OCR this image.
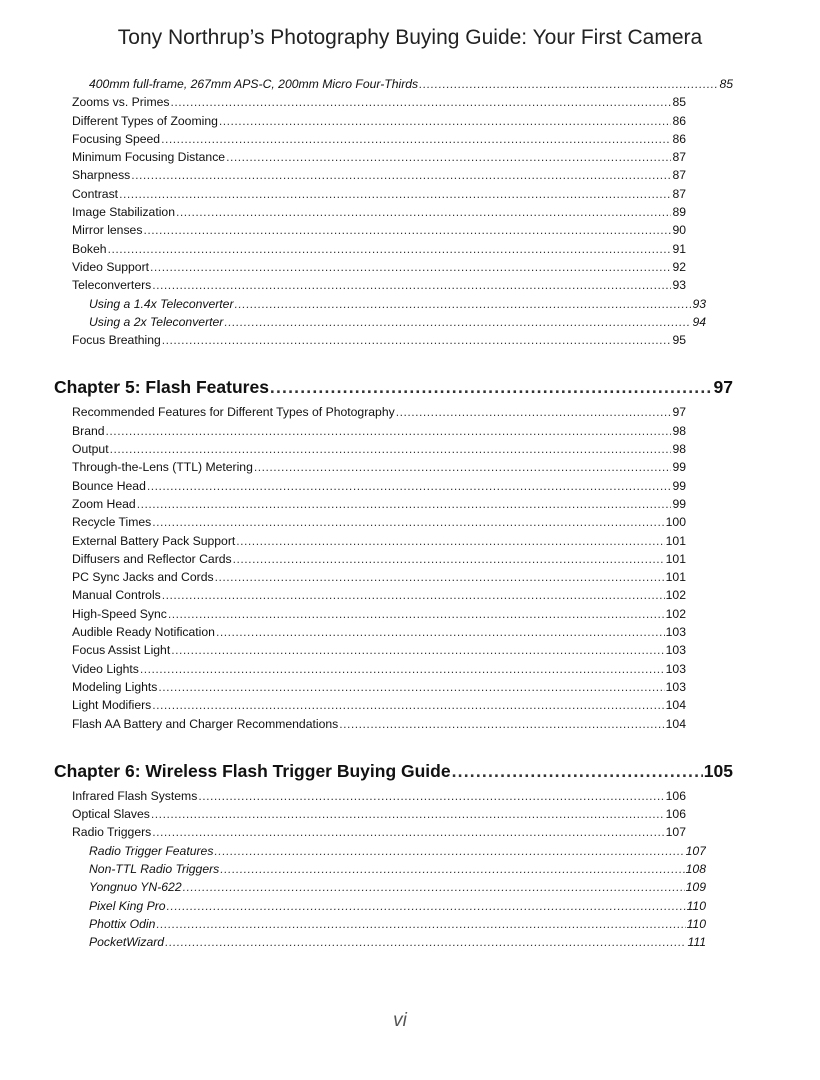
Tony Northrup’s Photography Buying Guide: Your First Camera
400mm full-frame, 267mm APS-C, 200mm Micro Four-Thirds .....	85
Zooms vs. Primes .....	85
Different Types of Zooming .....	86
Focusing Speed .....	86
Minimum Focusing Distance .....	87
Sharpness .....	87
Contrast .....	87
Image Stabilization .....	89
Mirror lenses .....	90
Bokeh .....	91
Video Support .....	92
Teleconverters .....	93
Using a 1.4x Teleconverter .....	93
Using a 2x Teleconverter .....	94
Focus Breathing .....	95
Chapter 5: Flash Features .....	97
Recommended Features for Different Types of Photography .....	97
Brand .....	98
Output .....	98
Through-the-Lens (TTL) Metering .....	99
Bounce Head .....	99
Zoom Head .....	99
Recycle Times .....	100
External Battery Pack Support .....	101
Diffusers and Reflector Cards .....	101
PC Sync Jacks and Cords .....	101
Manual Controls .....	102
High-Speed Sync .....	102
Audible Ready Notification .....	103
Focus Assist Light .....	103
Video Lights .....	103
Modeling Lights .....	103
Light Modifiers .....	104
Flash AA Battery and Charger Recommendations .....	104
Chapter 6: Wireless Flash Trigger Buying Guide .....	105
Infrared Flash Systems .....	106
Optical Slaves .....	106
Radio Triggers .....	107
Radio Trigger Features .....	107
Non-TTL Radio Triggers .....	108
Yongnuo YN-622 .....	109
Pixel King Pro .....	110
Phottix Odin .....	110
PocketWizard .....	111
vi
